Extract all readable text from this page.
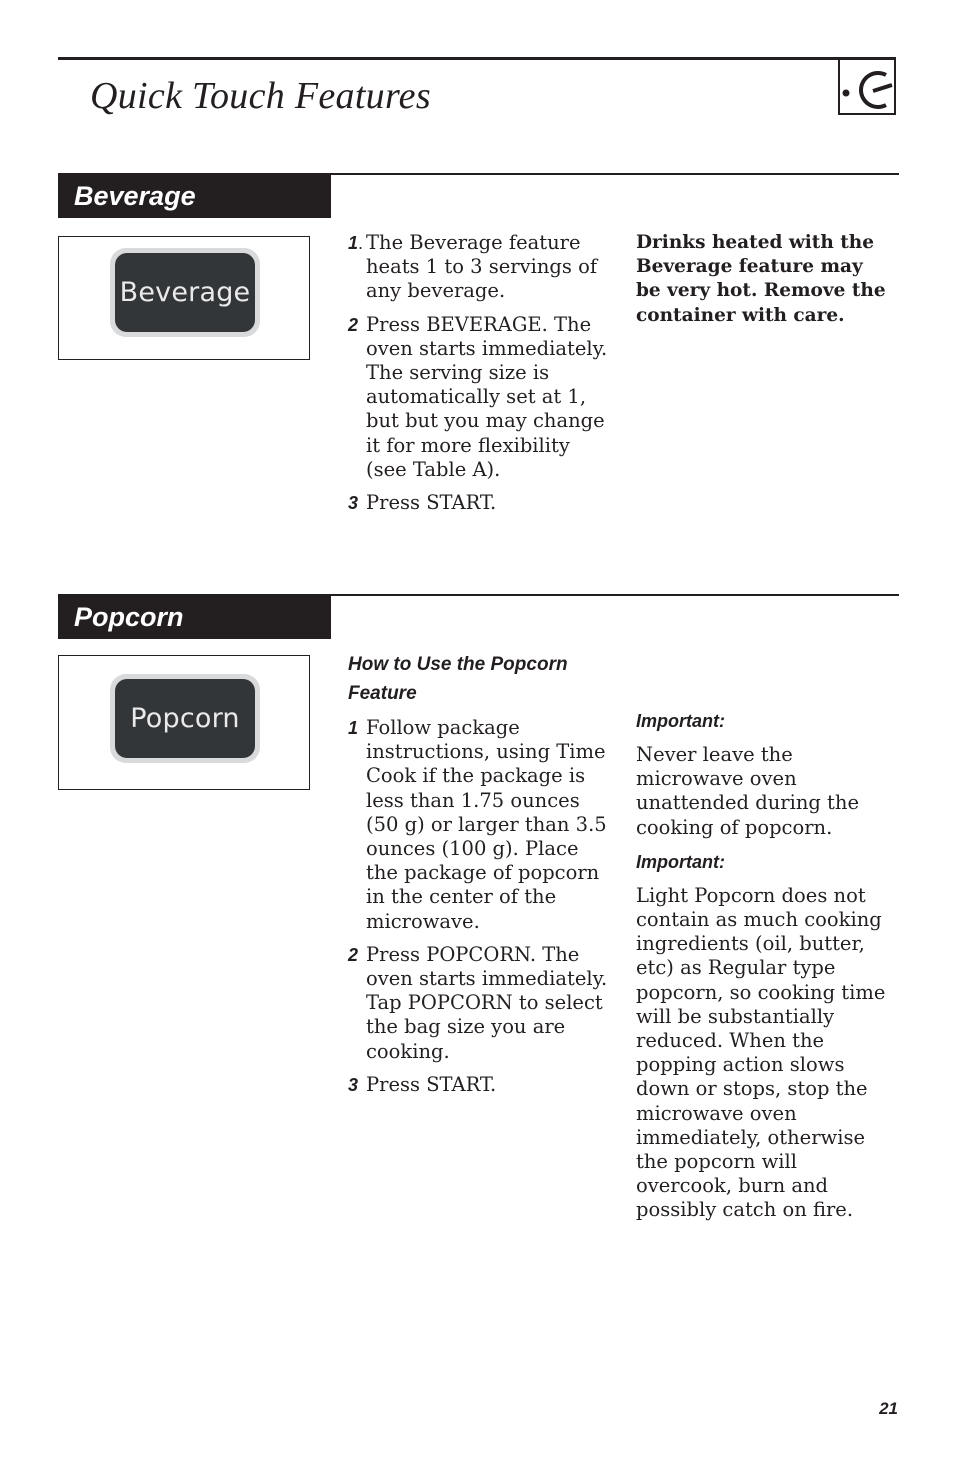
Quick Touch Features
Beverage
Beverage
1. The Beverage feature heats 1 to 3 servings of any beverage.

2 Press BEVERAGE. The oven starts immediately. The serving size is automatically set at 1, but but you may change it for more flexibility (see Table A).

3 Press START.

Drinks heated with the Beverage feature may be very hot. Remove the container with care.
Popcorn
Popcorn

How to Use the Popcorn
Feature

1 Follow package instructions, using Time Cook if the package is less than 1.75 ounces (50 g) or larger than 3.5 ounces (100 g). Place the package of popcorn in the center of the microwave.

2 Press POPCORN. The oven starts immediately. Tap POPCORN to select the bag size you are cooking.

3 Press START.

Important:

Never leave the microwave oven unattended during the cooking of popcorn.

Important:

Light Popcorn does not contain as much cooking ingredients (oil, butter, etc) as Regular type popcorn, so cooking time will be substantially reduced. When the popping action slows down or stops, stop the microwave oven immediately, otherwise the popcorn will overcook, burn and possibly catch on fire.

21
